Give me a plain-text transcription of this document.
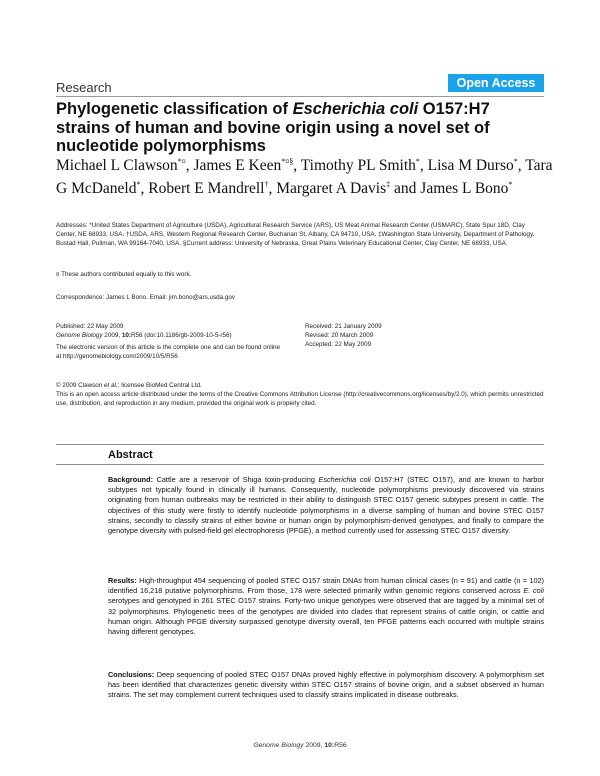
Research	Open Access
Phylogenetic classification of Escherichia coli O157:H7 strains of human and bovine origin using a novel set of nucleotide polymorphisms
Michael L Clawson*¤, James E Keen*¤§, Timothy PL Smith*, Lisa M Durso*, Tara G McDaneld*, Robert E Mandrell†, Margaret A Davis‡ and James L Bono*
Addresses: *United States Department of Agriculture (USDA), Agricultural Research Service (ARS), US Meat Animal Research Center (USMARC), State Spur 18D, Clay Center, NE 68933, USA. †USDA, ARS, Western Regional Research Center, Buchanan St, Albany, CA 94710, USA. ‡Washington State University, Department of Pathology, Bustad Hall, Pullman, WA 99164-7040, USA. §Current address: University of Nebraska, Great Plains Veterinary Educational Center, Clay Center, NE 68933, USA.
¤ These authors contributed equally to this work.
Correspondence: James L Bono. Email: jim.bono@ars.usda.gov
Published: 22 May 2009
Genome Biology 2009, 10:R56 (doi:10.1186/gb-2009-10-5-r56)
The electronic version of this article is the complete one and can be found online at http://genomebiology.com/2009/10/5/R56
Received: 21 January 2009
Revised: 20 March 2009
Accepted: 22 May 2009
© 2009 Clawson et al.; licensee BioMed Central Ltd.
This is an open access article distributed under the terms of the Creative Commons Attribution License (http://creativecommons.org/licenses/by/2.0), which permits unrestricted use, distribution, and reproduction in any medium, provided the original work is properly cited.
Abstract
Background: Cattle are a reservoir of Shiga toxin-producing Escherichia coli O157:H7 (STEC O157), and are known to harbor subtypes not typically found in clinically ill humans. Consequently, nucleotide polymorphisms previously discovered via strains originating from human outbreaks may be restricted in their ability to distinguish STEC O157 genetic subtypes present in cattle. The objectives of this study were firstly to identify nucleotide polymorphisms in a diverse sampling of human and bovine STEC O157 strains, secondly to classify strains of either bovine or human origin by polymorphism-derived genotypes, and finally to compare the genotype diversity with pulsed-field gel electrophoresis (PFGE), a method currently used for assessing STEC O157 diversity.
Results: High-throughput 454 sequencing of pooled STEC O157 strain DNAs from human clinical cases (n = 91) and cattle (n = 102) identified 16,218 putative polymorphisms. From those, 178 were selected primarily within genomic regions conserved across E. coli serotypes and genotyped in 261 STEC O157 strains. Forty-two unique genotypes were observed that are tagged by a minimal set of 32 polymorphisms. Phylogenetic trees of the genotypes are divided into clades that represent strains of cattle origin, or cattle and human origin. Although PFGE diversity surpassed genotype diversity overall, ten PFGE patterns each occurred with multiple strains having different genotypes.
Conclusions: Deep sequencing of pooled STEC O157 DNAs proved highly effective in polymorphism discovery. A polymorphism set has been identified that characterizes genetic diversity within STEC O157 strains of bovine origin, and a subset observed in human strains. The set may complement current techniques used to classify strains implicated in disease outbreaks.
Genome Biology 2009, 10:R56
